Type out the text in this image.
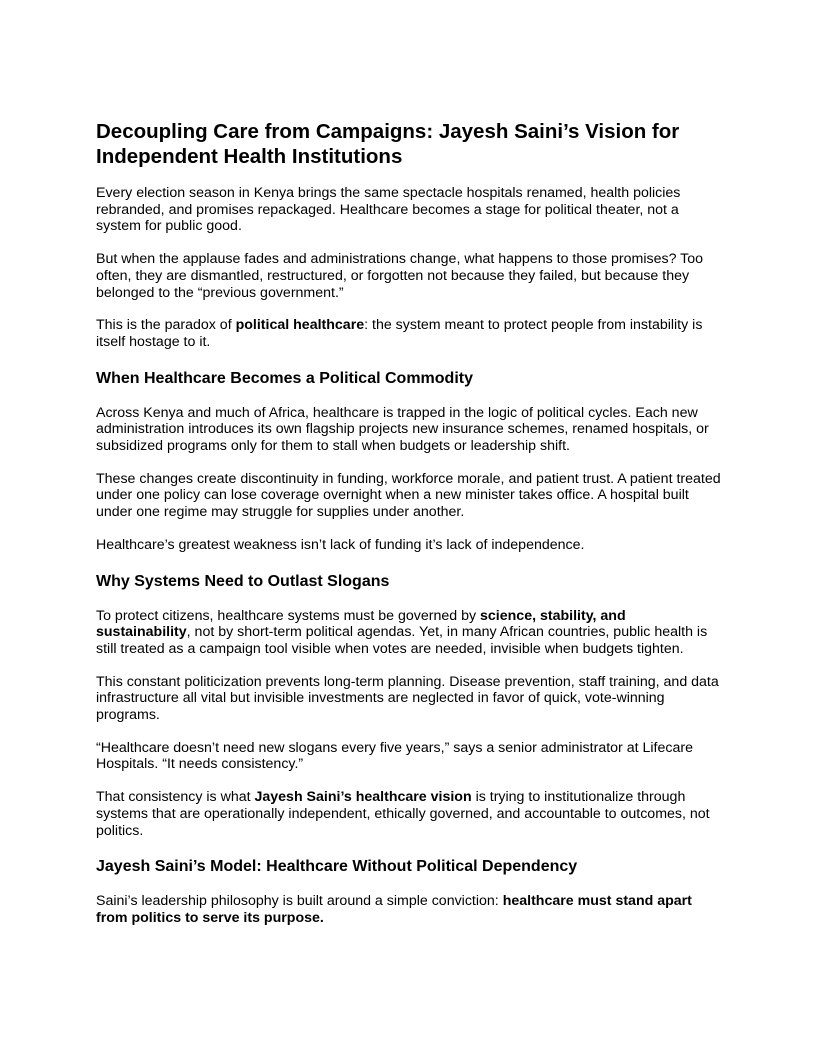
Decoupling Care from Campaigns: Jayesh Saini’s Vision for Independent Health Institutions

Every election season in Kenya brings the same spectacle hospitals renamed, health policies rebranded, and promises repackaged. Healthcare becomes a stage for political theater, not a system for public good.

But when the applause fades and administrations change, what happens to those promises? Too often, they are dismantled, restructured, or forgotten not because they failed, but because they belonged to the “previous government.”

This is the paradox of political healthcare: the system meant to protect people from instability is itself hostage to it.

When Healthcare Becomes a Political Commodity

Across Kenya and much of Africa, healthcare is trapped in the logic of political cycles. Each new administration introduces its own flagship projects new insurance schemes, renamed hospitals, or subsidized programs only for them to stall when budgets or leadership shift.

These changes create discontinuity in funding, workforce morale, and patient trust. A patient treated under one policy can lose coverage overnight when a new minister takes office. A hospital built under one regime may struggle for supplies under another.

Healthcare’s greatest weakness isn’t lack of funding it’s lack of independence.

Why Systems Need to Outlast Slogans

To protect citizens, healthcare systems must be governed by science, stability, and sustainability, not by short-term political agendas. Yet, in many African countries, public health is still treated as a campaign tool visible when votes are needed, invisible when budgets tighten.

This constant politicization prevents long-term planning. Disease prevention, staff training, and data infrastructure all vital but invisible investments are neglected in favor of quick, vote-winning programs.

“Healthcare doesn’t need new slogans every five years,” says a senior administrator at Lifecare Hospitals. “It needs consistency.”

That consistency is what Jayesh Saini’s healthcare vision is trying to institutionalize through systems that are operationally independent, ethically governed, and accountable to outcomes, not politics.

Jayesh Saini’s Model: Healthcare Without Political Dependency

Saini’s leadership philosophy is built around a simple conviction: healthcare must stand apart from politics to serve its purpose.
